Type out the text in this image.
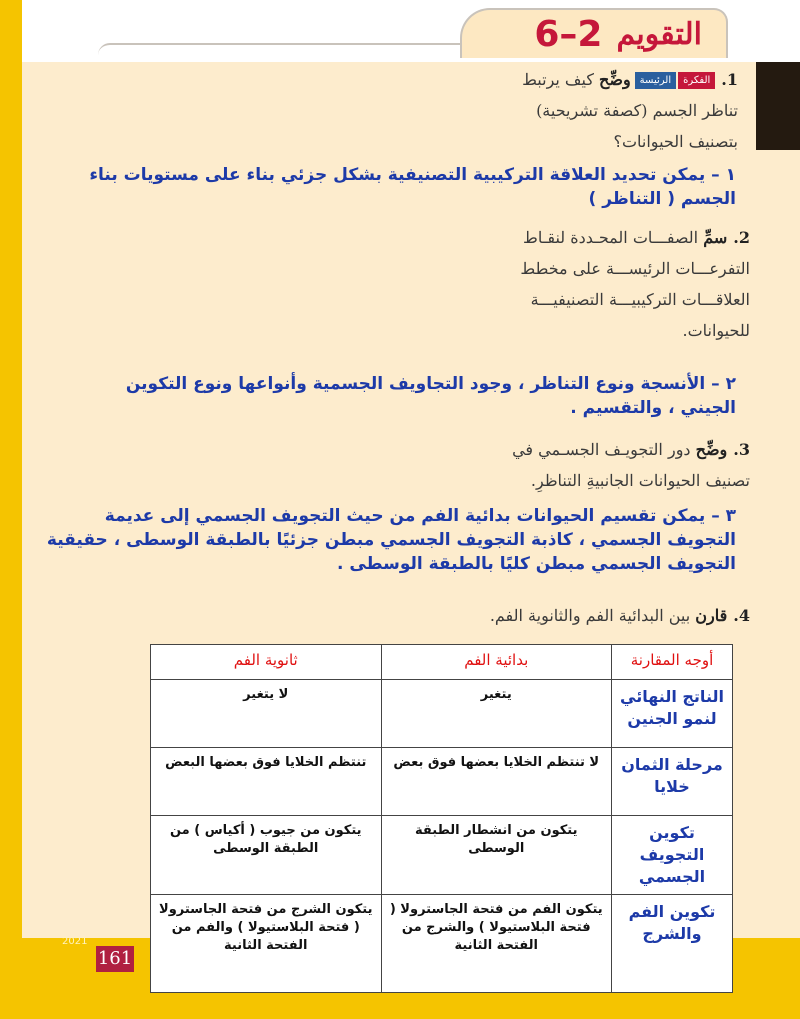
التقويم
6–2
1.الفكرةالرئيسةوضِّح كيف يرتبط
تناظر الجسم (كصفة تشريحية)
بتصنيف الحيوانات؟
١ – يمكن تحديد العلاقة التركيبية التصنيفية بشكل جزئي بناء على مستويات بناء الجسم ( التناظر )
2.سمِّ الصفـــات المحـددة لنقـاط
التفرعـــات الرئيســـة على مخطط
العلاقـــات التركيبيـــة التصنيفيـــة
للحيوانات.
٢ – الأنسجة ونوع التناظر ، وجود التجاويف الجسمية وأنواعها ونوع التكوين الجيني ، والتقسيم .
3.وضِّح دور التجويـف الجسـمي في
تصنيف الحيوانات الجانبيةِ التناظرِ.
٣ – يمكن تقسيم الحيوانات بدائية الفم من حيث التجويف الجسمي إلى عديمة التجويف الجسمي ، كاذبة التجويف الجسمي مبطن جزئيًا بالطبقة الوسطى ، حقيقية التجويف الجسمي مبطن كليًا بالطبقة الوسطى .
4.قارن بين البدائية الفم والثانوية الفم.
أوجه المقارنة	بدائية الفم	ثانوية الفم
الناتج النهائي لنمو الجنين	يتغير	لا يتغير
مرحلة الثمان خلايا	لا تنتظم الخلايا بعضها فوق بعض	تنتظم الخلايا فوق بعضها البعض
تكوين التجويف الجسمي	يتكون من انشطار الطبقة الوسطى	يتكون من جيوب ( أكياس ) من الطبقة الوسطى
تكوين الفم والشرج	يتكون الفم من فتحة الجاسترولا ( فتحة البلاستيولا ) والشرج من الفتحة الثانية	يتكون الشرج من فتحة الجاسترولا ( فتحة البلاستيولا ) والفم من الفتحة الثانية
2021
161
